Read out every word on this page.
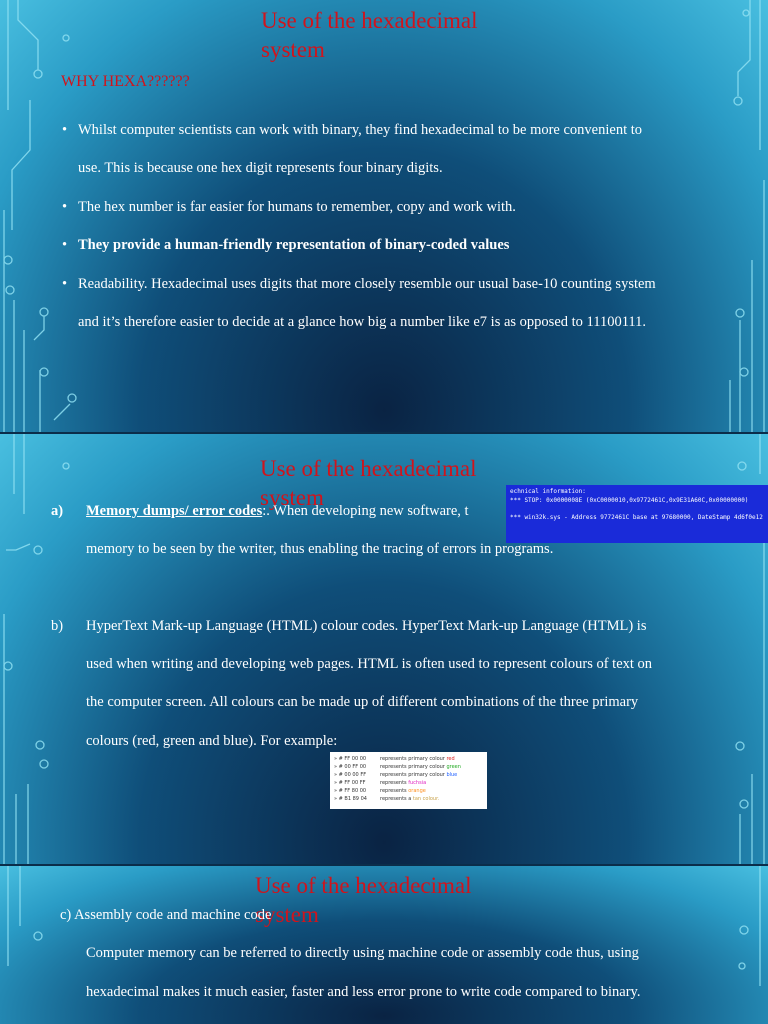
Use of the hexadecimal
system
WHY HEXA??????
• Whilst computer scientists can work with binary, they find hexadecimal to be more convenient to
use. This is because one hex digit represents four binary digits.
• The hex number is far easier for humans to remember, copy and work with.
• They provide a human-friendly representation of binary-coded values
• Readability. Hexadecimal uses digits that more closely resemble our usual base-10 counting system
and it’s therefore easier to decide at a glance how big a number like e7 is as opposed to 11100111.
Use of the hexadecimal
system	echnical information:
*** STOP: 0x0000008E (0xC0000010,0x9772461C,0x9E31A60C,0x00000000)
*** win32k.sys - Address 9772461C base at 97680000, DateStamp 4d6f0e12
a) Memory dumps/ error codes:. When developing new software, t
memory to be seen by the writer, thus enabling the tracing of errors in programs.
b) HyperText Mark-up Language (HTML) colour codes. HyperText Mark-up Language (HTML) is
used when writing and developing web pages. HTML is often used to represent colours of text on
the computer screen. All colours can be made up of different combinations of the three primary
colours (red, green and blue). For example:
» # FF 00 00	represents primary colour red
» # 00 FF 00	represents primary colour green
» # 00 00 FF	represents primary colour blue
» # FF 00 FF	represents fuchsia
» # FF 80 00	represents orange
» # B1 89 04	represents a tan colour.
Use of the hexadecimal
system
c) Assembly code and machine code
Computer memory can be referred to directly using machine code or assembly code thus, using
hexadecimal makes it much easier, faster and less error prone to write code compared to binary.
